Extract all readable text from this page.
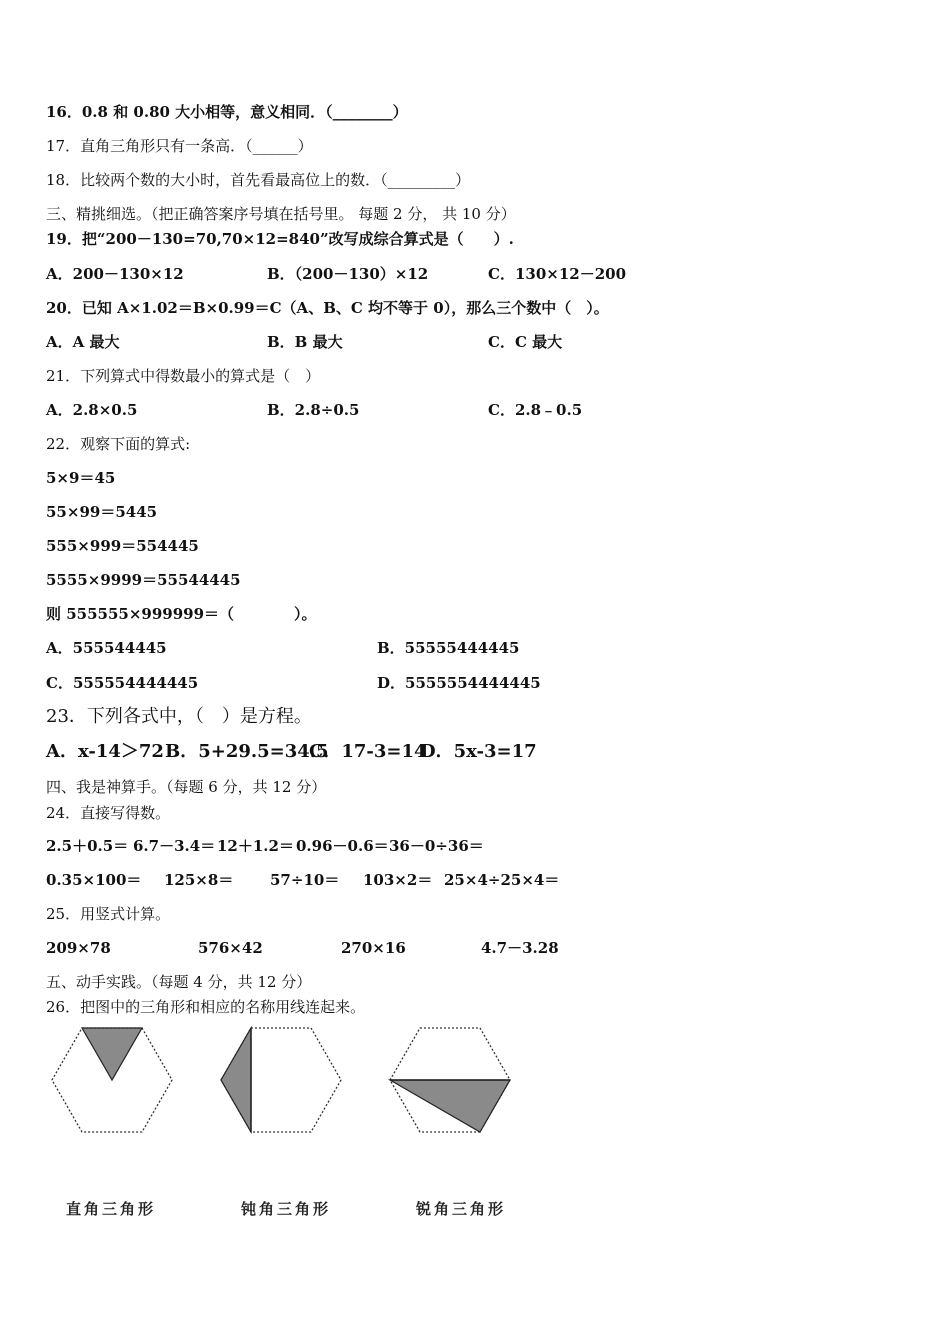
16．0.8 和 0.80 大小相等，意义相同．（________）
17．直角三角形只有一条高．（______）
18．比较两个数的大小时，首先看最高位上的数．（_________）
三、精挑细选。（把正确答案序号填在括号里。 每题 2 分， 共 10 分）
19．把“200－130=70,70×12=840”改写成综合算式是（　　）.
A．200－130×12	B．（200－130）×12	C．130×12－200
20．已知 A×1.02＝B×0.99＝C（A、B、C 均不等于 0），那么三个数中（　）。
A．A 最大	B．B 最大	C．C 最大
21．下列算式中得数最小的算式是（　）
A．2.8×0.5	B．2.8÷0.5	C．2.8﹣0.5
22．观察下面的算式:
5×9＝45
55×99＝5445
555×999＝554445
5555×9999＝55544445
则 555555×999999＝（　　　　）。
A．555544445	B．55555444445
C．555554444445	D．5555554444445
23．下列各式中，（　）是方程。
A．x-14＞72 B．5+29.5=34.5
C．17-3=14
D．5x-3=17
四、我是神算手。（每题 6 分，共 12 分）
24．直接写得数。
2.5＋0.5＝ 6.7－3.4＝ 12＋1.2＝ 0.96－0.6＝ 36－0÷36＝
0.35×100＝ 125×8＝ 57÷10＝ 103×2＝ 25×4÷25×4＝
25．用竖式计算。
209×78	576×42	270×16	4.7－3.28
五、动手实践。（每题 4 分，共 12 分）
26．把图中的三角形和相应的名称用线连起来。
直角三角形	钝角三角形	锐角三角形
